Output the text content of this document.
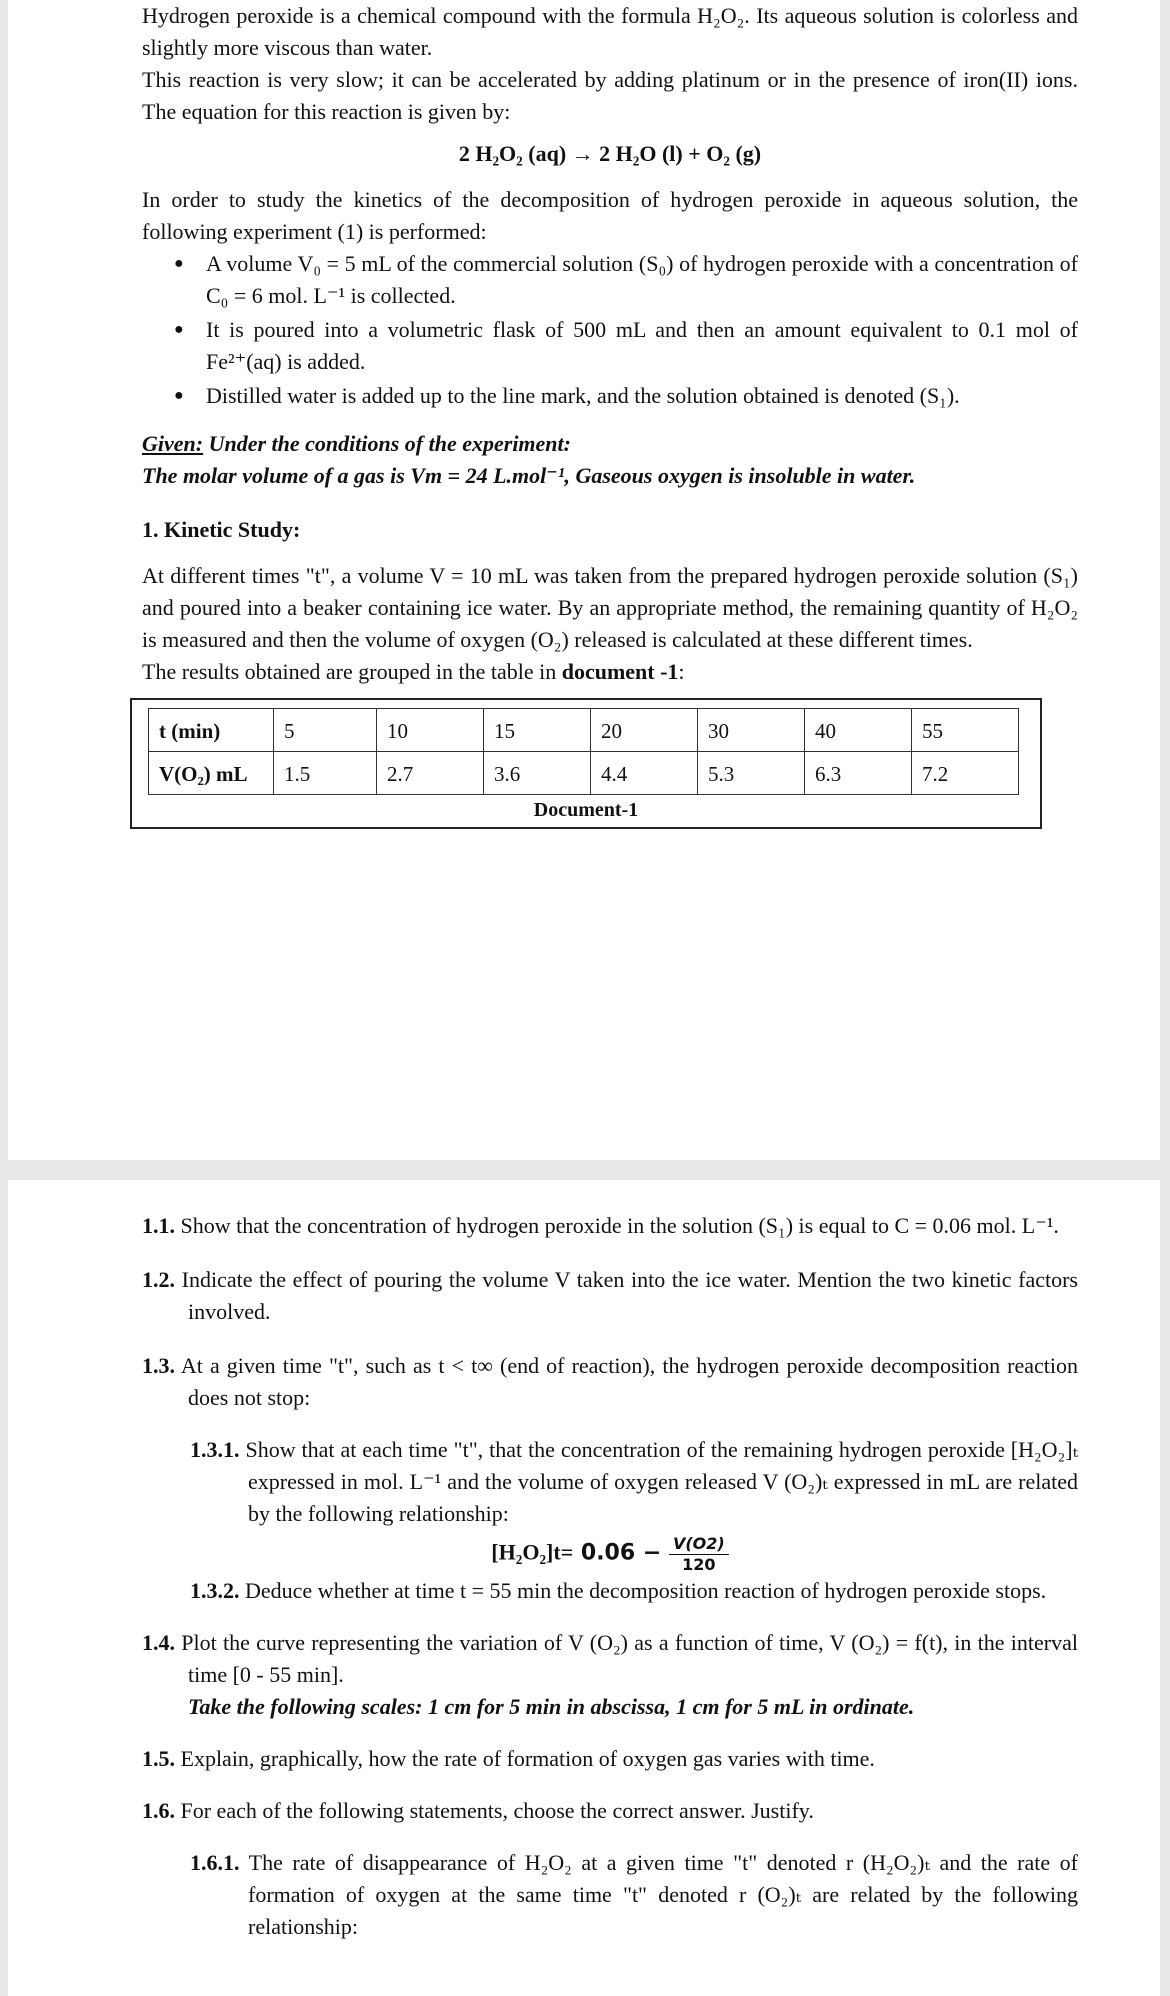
Hydrogen peroxide is a chemical compound with the formula H₂O₂. Its aqueous solution is colorless and slightly more viscous than water.

This reaction is very slow; it can be accelerated by adding platinum or in the presence of iron(II) ions. The equation for this reaction is given by:

2 H₂O₂ (aq) → 2 H₂O (l) + O₂ (g)

In order to study the kinetics of the decomposition of hydrogen peroxide in aqueous solution, the following experiment (1) is performed:

● A volume V₀ = 5 mL of the commercial solution (S₀) of hydrogen peroxide with a concentration of C₀ = 6 mol. L⁻¹ is collected.
● It is poured into a volumetric flask of 500 mL and then an amount equivalent to 0.1 mol of Fe²⁺(aq) is added.
● Distilled water is added up to the line mark, and the solution obtained is denoted (S₁).

Given: Under the conditions of the experiment:

The molar volume of a gas is Vm = 24 L.mol⁻¹, Gaseous oxygen is insoluble in water.

1. Kinetic Study:

At different times "t", a volume V = 10 mL was taken from the prepared hydrogen peroxide solution (S₁) and poured into a beaker containing ice water. By an appropriate method, the remaining quantity of H₂O₂ is measured and then the volume of oxygen (O₂) released is calculated at these different times.

The results obtained are grouped in the table in document -1:

t (min)	5	10	15	20	30	40	55
V(O₂) mL	1.5	2.7	3.6	4.4	5.3	6.3	7.2
Document-1

1.1. Show that the concentration of hydrogen peroxide in the solution (S₁) is equal to C = 0.06 mol. L⁻¹.

1.2. Indicate the effect of pouring the volume V taken into the ice water. Mention the two kinetic factors involved.

1.3. At a given time "t", such as t < t∞ (end of reaction), the hydrogen peroxide decomposition reaction does not stop:

1.3.1. Show that at each time "t", that the concentration of the remaining hydrogen peroxide [H₂O₂]ₜ expressed in mol. L⁻¹ and the volume of oxygen released V (O₂)ₜ expressed in mL are related by the following relationship:

$[H_2O_2]t= 0.06 - \frac{V(O2)}{120}$

1.3.2. Deduce whether at time t = 55 min the decomposition reaction of hydrogen peroxide stops.

1.4. Plot the curve representing the variation of V (O₂) as a function of time, V (O₂) = f(t), in the interval time [0 - 55 min].

Take the following scales: 1 cm for 5 min in abscissa, 1 cm for 5 mL in ordinate.

1.5. Explain, graphically, how the rate of formation of oxygen gas varies with time.

1.6. For each of the following statements, choose the correct answer. Justify.

1.6.1. The rate of disappearance of H₂O₂ at a given time "t" denoted r (H₂O₂)ₜ and the rate of formation of oxygen at the same time "t" denoted r (O₂)ₜ are related by the following relationship:
